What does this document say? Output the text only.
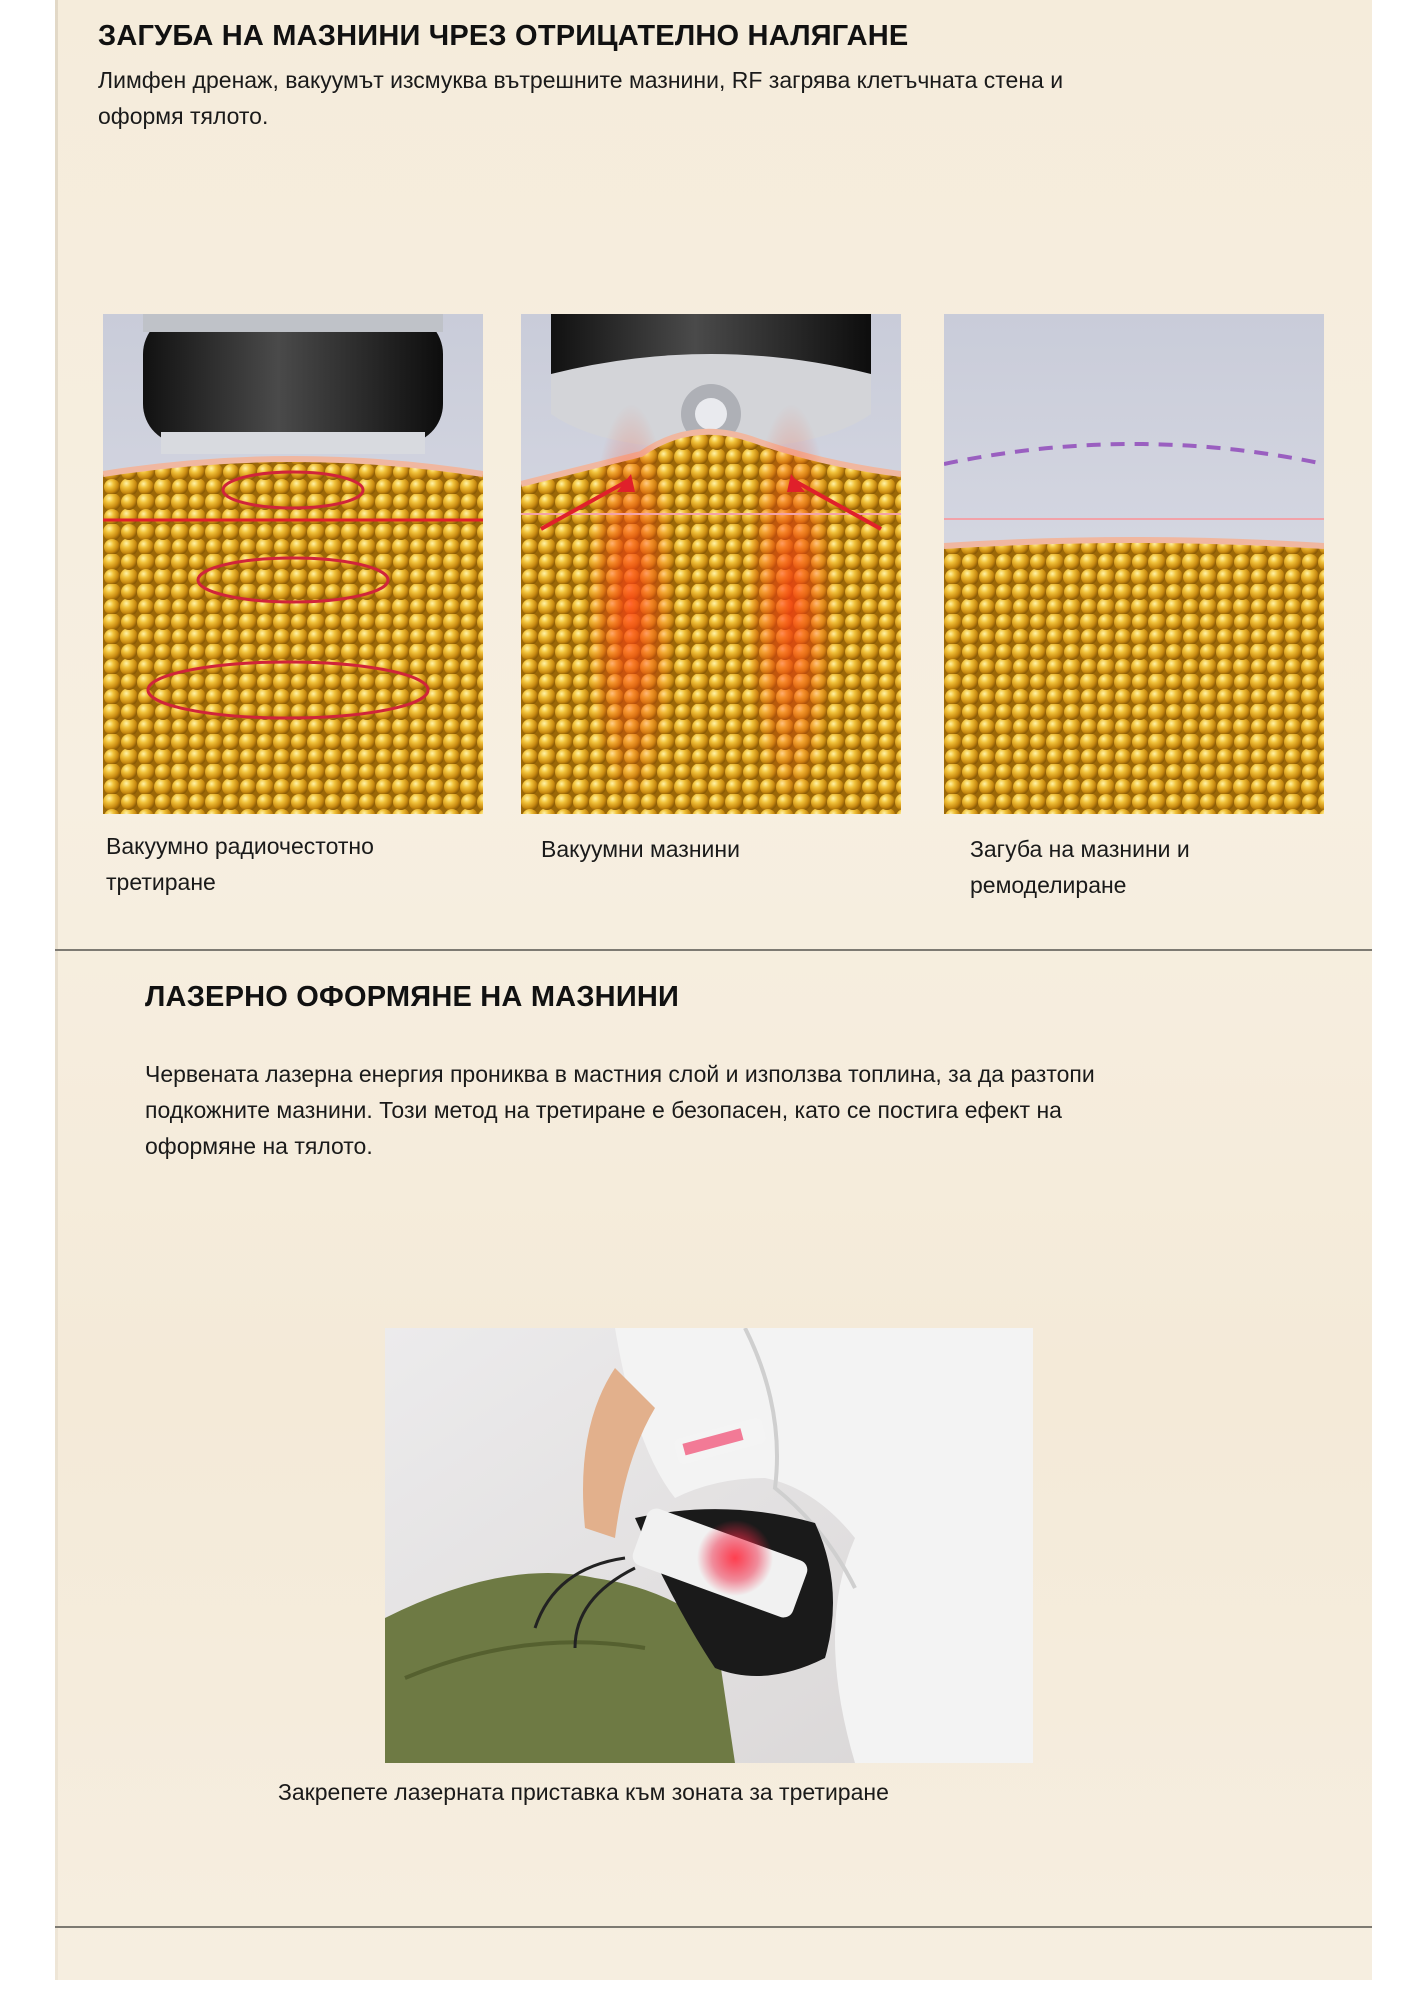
ЗАГУБА НА МАЗНИНИ ЧРЕЗ ОТРИЦАТЕЛНО НАЛЯГАНЕ

Лимфен дренаж, вакуумът изсмуква вътрешните мазнини, RF загрява клетъчната стена и

оформя тялото.

Вакуумно радиочестотно

третиране

Вакуумни мазнини	Загуба на мазнини и

ремоделиране

ЛАЗЕРНО ОФОРМЯНЕ НА МАЗНИНИ

Червената лазерна енергия прониква в мастния слой и използва топлина, за да разтопи

подкожните мазнини. Този метод на третиране е безопасен, като се постига ефект на

оформяне на тялото.

Закрепете лазерната приставка към зоната за третиране
